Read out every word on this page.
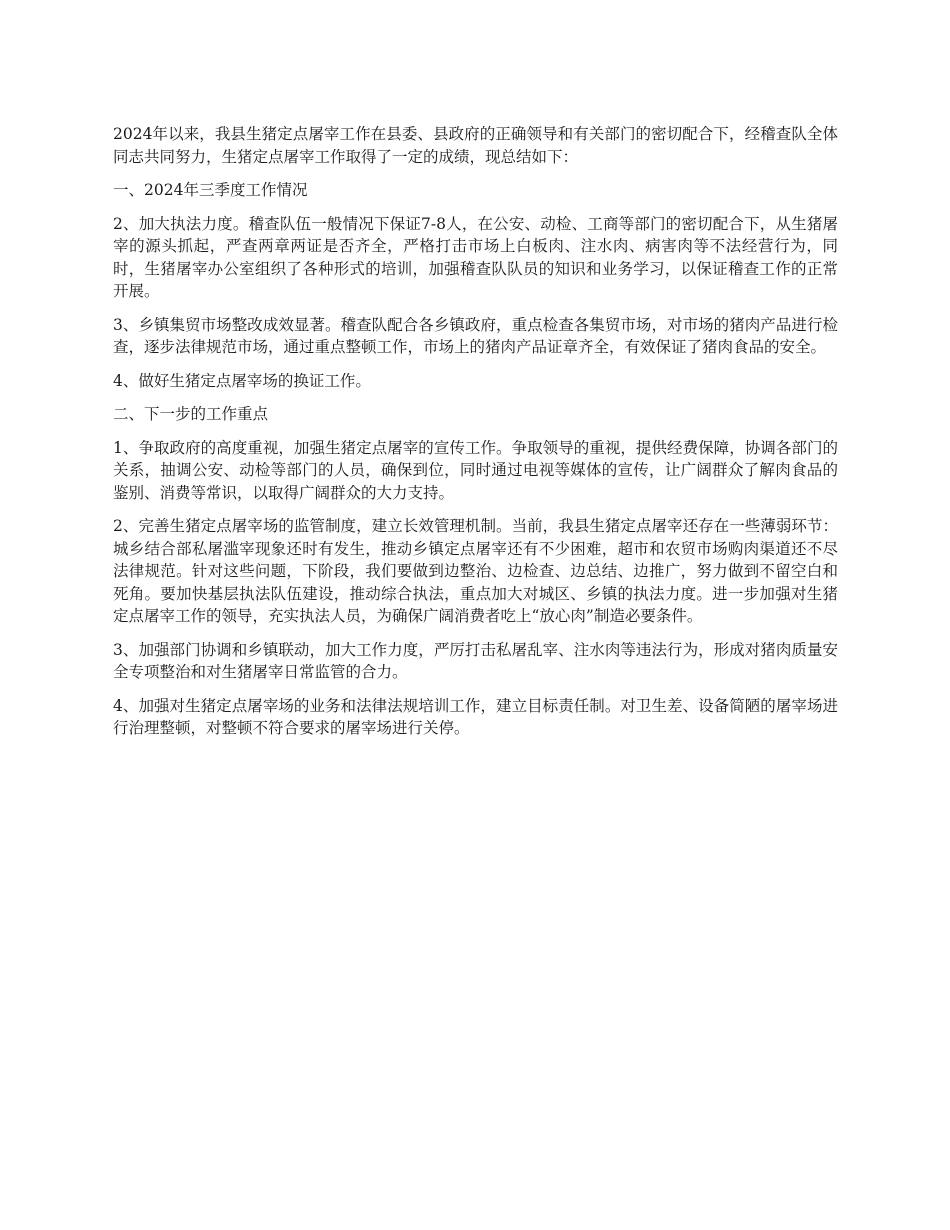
2024年以来，我县生猪定点屠宰工作在县委、县政府的正确领导和有关部门的密切配合下，经稽查队全体同志共同努力，生猪定点屠宰工作取得了一定的成绩，现总结如下：

一、2024年三季度工作情况

2、加大执法力度。稽查队伍一般情况下保证7-8人，在公安、动检、工商等部门的密切配合下，从生猪屠宰的源头抓起，严查两章两证是否齐全，严格打击市场上白板肉、注水肉、病害肉等不法经营行为，同时，生猪屠宰办公室组织了各种形式的培训，加强稽查队队员的知识和业务学习，以保证稽查工作的正常开展。

3、乡镇集贸市场整改成效显著。稽查队配合各乡镇政府，重点检查各集贸市场，对市场的猪肉产品进行检查，逐步法律规范市场，通过重点整顿工作，市场上的猪肉产品证章齐全，有效保证了猪肉食品的安全。

4、做好生猪定点屠宰场的换证工作。

二、下一步的工作重点

1、争取政府的高度重视，加强生猪定点屠宰的宣传工作。争取领导的重视，提供经费保障，协调各部门的关系，抽调公安、动检等部门的人员，确保到位，同时通过电视等媒体的宣传，让广阔群众了解肉食品的鉴别、消费等常识，以取得广阔群众的大力支持。

2、完善生猪定点屠宰场的监管制度，建立长效管理机制。当前，我县生猪定点屠宰还存在一些薄弱环节：城乡结合部私屠滥宰现象还时有发生，推动乡镇定点屠宰还有不少困难，超市和农贸市场购肉渠道还不尽法律规范。针对这些问题，下阶段，我们要做到边整治、边检查、边总结、边推广，努力做到不留空白和死角。要加快基层执法队伍建设，推动综合执法，重点加大对城区、乡镇的执法力度。进一步加强对生猪定点屠宰工作的领导，充实执法人员，为确保广阔消费者吃上“放心肉”制造必要条件。

3、加强部门协调和乡镇联动，加大工作力度，严厉打击私屠乱宰、注水肉等违法行为，形成对猪肉质量安全专项整治和对生猪屠宰日常监管的合力。

4、加强对生猪定点屠宰场的业务和法律法规培训工作，建立目标责任制。对卫生差、设备简陋的屠宰场进行治理整顿，对整顿不符合要求的屠宰场进行关停。
